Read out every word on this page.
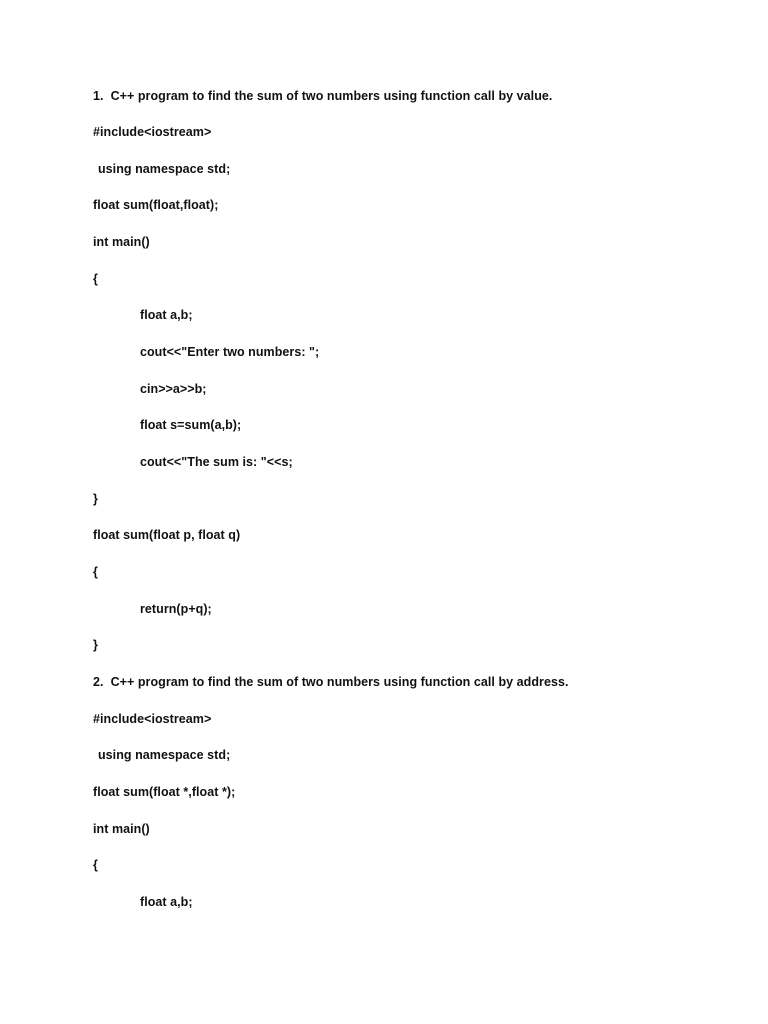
1.  C++ program to find the sum of two numbers using function call by value.
#include<iostream>
using namespace std;
float sum(float,float);
int main()
{
float a,b;
cout<<"Enter two numbers: ";
cin>>a>>b;
float s=sum(a,b);
cout<<"The sum is: "<<s;
}
float sum(float p, float q)
{
return(p+q);
}
2.  C++ program to find the sum of two numbers using function call by address.
#include<iostream>
using namespace std;
float sum(float *,float *);
int main()
{
float a,b;
